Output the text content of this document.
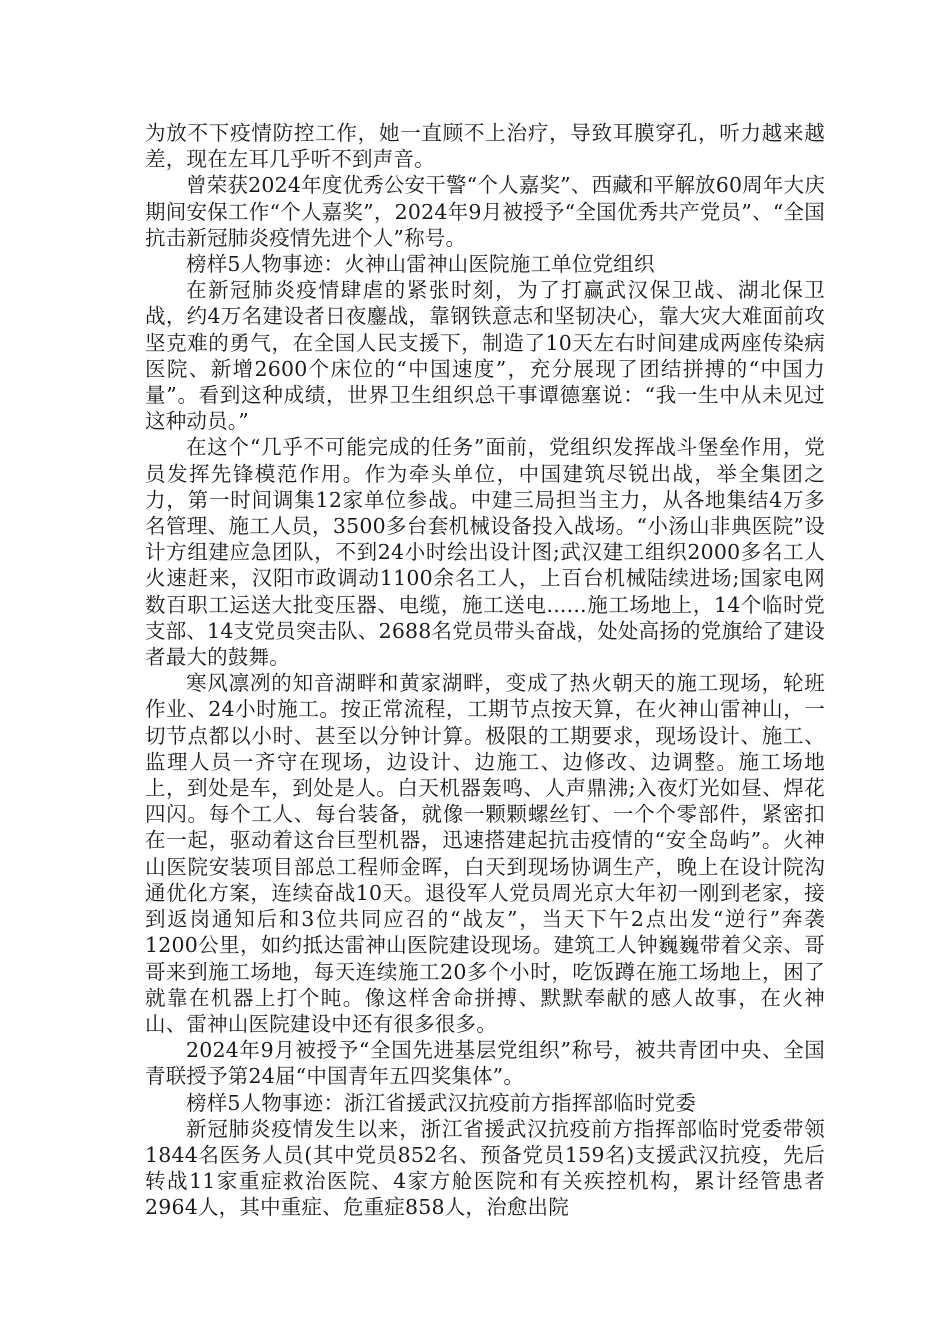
为放不下疫情防控工作，她一直顾不上治疗，导致耳膜穿孔，听力越来越差，现在左耳几乎听不到声音。

曾荣获2024年度优秀公安干警“个人嘉奖”、西藏和平解放60周年大庆期间安保工作“个人嘉奖”，2024年9月被授予“全国优秀共产党员”、“全国抗击新冠肺炎疫情先进个人”称号。

榜样5人物事迹：火神山雷神山医院施工单位党组织

在新冠肺炎疫情肆虐的紧张时刻，为了打赢武汉保卫战、湖北保卫战，约4万名建设者日夜鏖战，靠钢铁意志和坚韧决心，靠大灾大难面前攻坚克难的勇气，在全国人民支援下，制造了10天左右时间建成两座传染病医院、新增2600个床位的“中国速度”，充分展现了团结拼搏的“中国力量”。看到这种成绩，世界卫生组织总干事谭德塞说：“我一生中从未见过这种动员。”

在这个“几乎不可能完成的任务”面前，党组织发挥战斗堡垒作用，党员发挥先锋模范作用。作为牵头单位，中国建筑尽锐出战，举全集团之力，第一时间调集12家单位参战。中建三局担当主力，从各地集结4万多名管理、施工人员，3500多台套机械设备投入战场。“小汤山非典医院”设计方组建应急团队，不到24小时绘出设计图;武汉建工组织2000多名工人火速赶来，汉阳市政调动1100余名工人，上百台机械陆续进场;国家电网数百职工运送大批变压器、电缆，施工送电......施工场地上，14个临时党支部、14支党员突击队、2688名党员带头奋战，处处高扬的党旗给了建设者最大的鼓舞。

寒风凛冽的知音湖畔和黄家湖畔，变成了热火朝天的施工现场，轮班作业、24小时施工。按正常流程，工期节点按天算，在火神山雷神山，一切节点都以小时、甚至以分钟计算。极限的工期要求，现场设计、施工、监理人员一齐守在现场，边设计、边施工、边修改、边调整。施工场地上，到处是车，到处是人。白天机器轰鸣、人声鼎沸;入夜灯光如昼、焊花四闪。每个工人、每台装备，就像一颗颗螺丝钉、一个个零部件，紧密扣在一起，驱动着这台巨型机器，迅速搭建起抗击疫情的“安全岛屿”。火神山医院安装项目部总工程师金晖，白天到现场协调生产，晚上在设计院沟通优化方案，连续奋战10天。退役军人党员周光京大年初一刚到老家，接到返岗通知后和3位共同应召的“战友”，当天下午2点出发“逆行”奔袭1200公里，如约抵达雷神山医院建设现场。建筑工人钟巍巍带着父亲、哥哥来到施工场地，每天连续施工20多个小时，吃饭蹲在施工场地上，困了就靠在机器上打个盹。像这样舍命拼搏、默默奉献的感人故事，在火神山、雷神山医院建设中还有很多很多。

2024年9月被授予“全国先进基层党组织”称号，被共青团中央、全国青联授予第24届“中国青年五四奖集体”。

榜样5人物事迹：浙江省援武汉抗疫前方指挥部临时党委

新冠肺炎疫情发生以来，浙江省援武汉抗疫前方指挥部临时党委带领1844名医务人员(其中党员852名、预备党员159名)支援武汉抗疫，先后转战11家重症救治医院、4家方舱医院和有关疾控机构，累计经管患者2964人，其中重症、危重症858人，治愈出院
